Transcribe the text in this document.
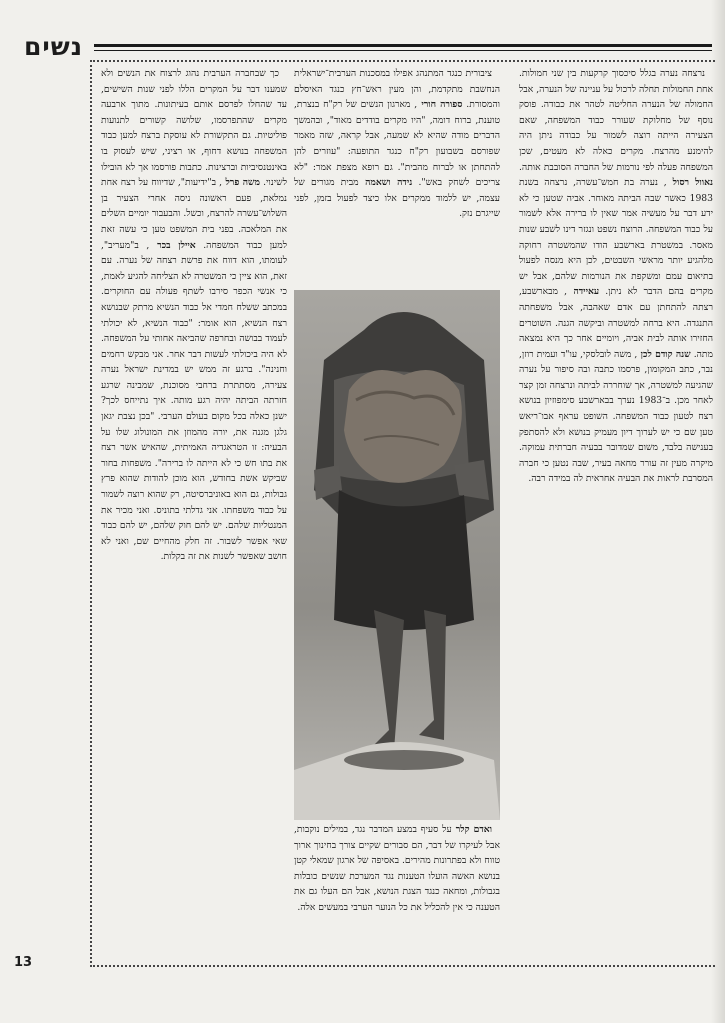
נשים

נרצחה נערה בגלל סיכסוך קרקעות בין שני חמולות. אחת החמולות תחלה לרכול על עניינה של הנערה, אבל החמולה של הנערה החליטה לטהר את כבודה. פוסק נוסף של מחלוקת שעורר כבוד המשפחה, שאם הצעירה הייתה רוצה לשמור על כבודה ניתן היה להימנע מהרצח. מקרים כאלה לא מעטים, שכן המשפחה פעלה לפי נורמות של החברה הסובבת אותה. נאוול רסול , נערה בת חמש־עשרה, נרצחה בשנת 1983 כאשר שבה הביתה מאוחר. אביה שטען כי לא ידע דבר על מעשיה אמר שאין לו ברירה אלא לשמור על כבוד המשפחה. הרוצח נשפט ונגזר דינו לשבע שנות מאסר. במשטרת בארשבע הודו שהמשטרה רחוקה מלהגיע יותר מראשי השבטים, לכן היא מנסה לפעול בתיאום עמם ומשקפת את הנורמות שלהם, אבל יש מקרים בהם הדבר לא ניתן. עאיידה , מבארשבע, רצתה להתחתן עם אדם שאהבה, אבל משפחתה התנגדה. היא ברחה למשטרה וביקשה הגנה. השוטרים החזירו אותה לבית אביה, ויומיים אחר כך היא נמצאה מתה. שנה קודם לכן , משה לובלסקי, עו"ד ועמית רוזן, נבר, כתב המקומון, פרסמו כתבה ובה סיפור על נערה שהגיעה למשטרה, אך שוחררה לביתה ונרצחה זמן קצר לאחר מכן. ב־1983 נערך בבארשבע סימפוזיון בנושא רצח לטעון כבוד המשפחה. השופט עראף אבו־ריאש טען שם כי יש לערוך דיון מעמיק בנושא ולא להסתפק בענישה בלבד, משום שמדובר בבעיה חברתית עמוקה. מיקרה מעין זה עורר מחאה בעיר, שבה נטען כי חברה המסרבת לראות את הבעיה אחראית לה במידה רבה.

ציבורית כנגד המתנהג אפילו במסכנות הערבית־ישראלית הנחשבת מתקדמת, והן מעין ראש־חץ כנגד האיסלם והמסורת. ספורה חורי , מארגון הנשים של רק"ח בנצרת, טוענת, ברוח דומה, "היו מקרים בודדים מאוד", ובהמשך הדברים מודה שהיא לא שמעה, אבל קראה, שזה מאמר שפורסם בשבועון רק"ח כנגד התופעה: "עוזרים להן להתחתן או לברוח מהבית". גם רופא מצפת אמר: "לא צריכים לשחק באש". נידה ושאמה מבית מגורים של עצמה, יש ללמוד ממקרים אלו כיצד לפעול בזמן, לפני שייגרם נזק.

כך שבחברה הערבית נהוג לרצוח את הנשים ולא שמענו דבר על המקרים הללו לפני שנות השישים, עד שהחלו לפרסם אותם בעיתונות. מתוך ארבעה מקרים שהתפרסמו, שלושה קשורים לתנועות פוליטיות. גם התקשורת לא עוסקת ברצח למען כבוד המשפחה בנושא דחוף, או רציני, שיש לעסוק בו באינטנסיביות וברצינות. כתבות פורסמו אך לא הובילו לשינוי. משה פרל , ב"ידיעות", שדיווח על רצח אחת נמלאת, פעם ראשונה ניסה אחרי הצעיר בן השלוש־עשרה להרצח, וכשל. והבעבור יומיים השלים את המלאכה. בפני בית המשפט טען כי עשה זאת למען כבוד המשפחה. איילן בכר , ב"מעריב", לעומתו, הוא דווח את פרשת רצחה של נערה. עם זאת, הוא ציין כי המשטרה לא הצליחה להגיע לאמת, כי אנשי הכפר סירבו לשתף פעולה עם החוקרים. במכתב ששלח חמדי אל כבוד הנשיא מרתק שבנושא רצח הנשיא, הוא אומר: "כבוד הנשיא, לא יכולתי לעמוד בבושה ובחרפה שהביאה אחותי על המשפחה. לא היה ביכולתי לעשות דבר אחר. אני מבקש רחמים וחנינה". ברגע זה ממש יש במדינת ישראל נערה צעירה, מסתתרת ברחבי מסוכנת, שמבינה שרגע חזרתה הביתה יהיה רגע מותה. איך נתייחס לכך? ישנן כאלה בכל מקום בעולם הערבי. "בכן נצבת יגאן גלגן מגנה את, יורה מהמוזן את המונולוג שלו על הבעיה: זו הטראגדיה האמיתית, שהאיש אשר רצח את בתו חש כי לא הייתה לו ברירה". משפחות בחור שביקש אשת בחודש, הוא מוכן להודות שהוא פרץ גבולות, גם הוא באוניברסיטה, רק שהוא רוצה לשמור על כבוד משפחתו. אני גדלתי בתוניס. ואני מכיר את המנטליות שלהם. יש להם חוק שלהם, יש להם כבוד שאי אפשר לשבור. זה חלק מהחיים שם, ואני לא חושב שאפשר לשנות את זה בקלות.

ואדם קלר על סעיף במצע המדבר נגד, במילים נוקבות, אבל לעיקרו של דבר, הם סבורים שקיים צורך בחינוך ארוך טווח ולא בפתרונות מהירים. באסיפה של ארגון שמאלי קטן בנושא האשה הועלו הטענות נגד המערכת שנשים כובלות בגבולות, ומחאה כנגד הצגת הנושא, אבל הם העלו גם את הטענה כי אין להכליל את כל הנוער הערבי במעשים אלה.

13
